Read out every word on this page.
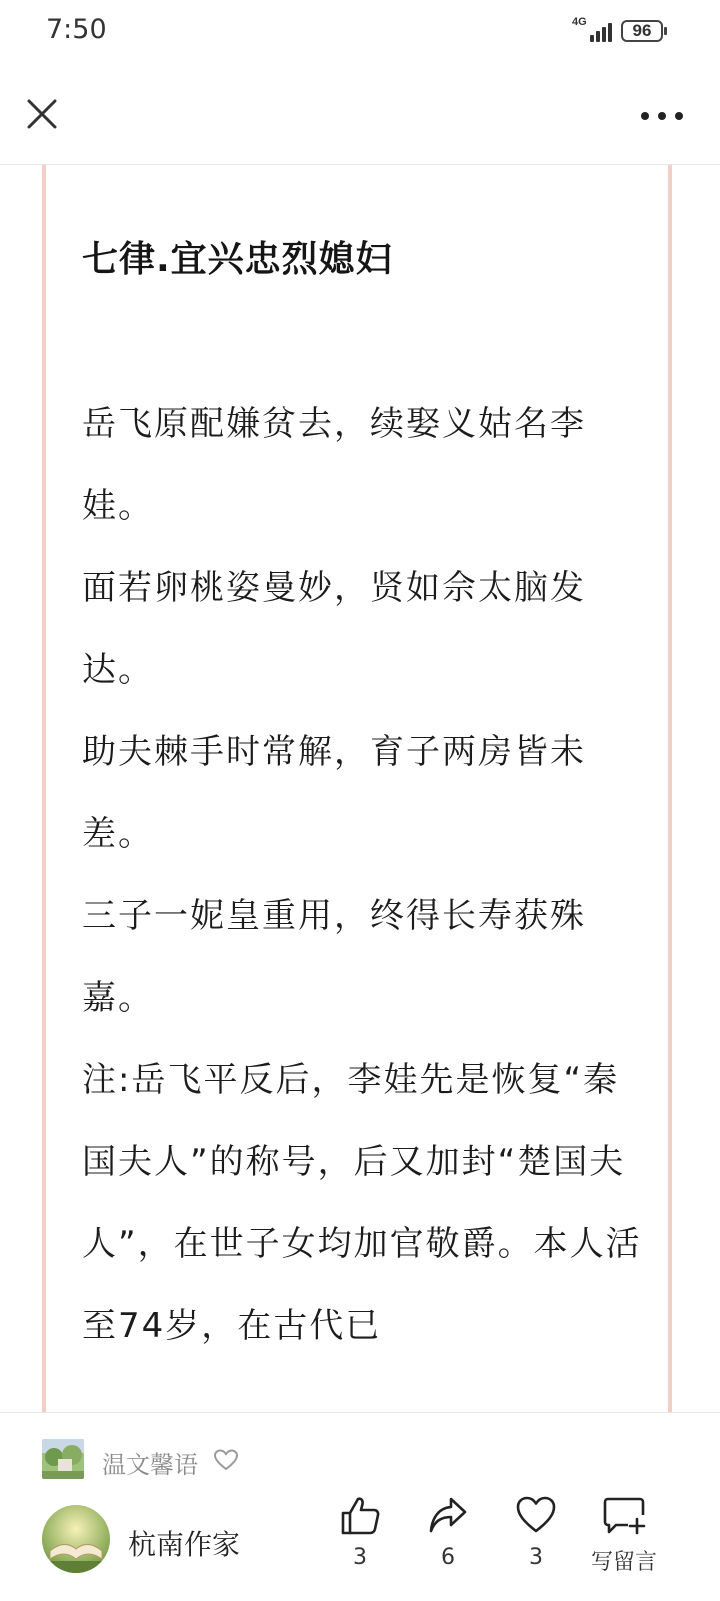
7:50	4G	96
七律.宜兴忠烈媳妇

岳飞原配嫌贫去，续娶义姑名李娃。

面若卵桃姿曼妙，贤如佘太脑发达。

助夫棘手时常解，育子两房皆未差。

三子一妮皇重用，终得长寿获殊嘉。

注:岳飞平反后，李娃先是恢复“秦国夫人”的称号，后又加封“楚国夫人”，在世子女均加官敬爵。本人活至74岁，在古代已

温文馨语
杭南作家	3	6	3	写留言
